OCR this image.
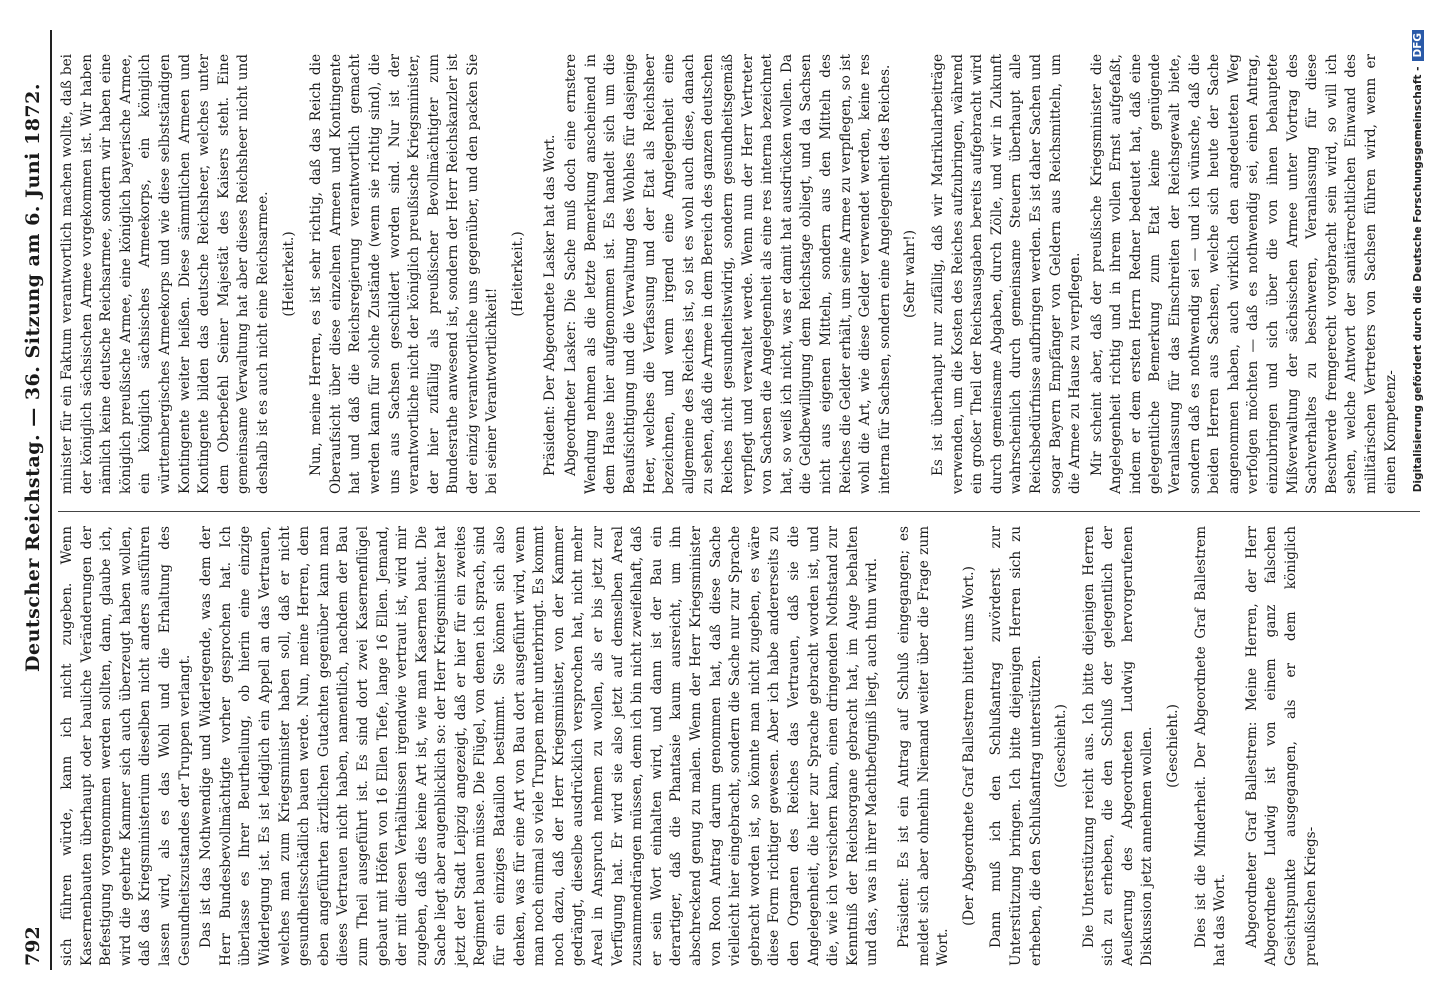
792
Deutscher Reichstag. — 36. Sitzung am 6. Juni 1872.

sich führen würde, kann ich nicht zugeben. Wenn Kasernenbauten überhaupt oder bauliche Veränderungen der Befestigung vorgenommen werden sollten, dann, glaube ich, wird die geehrte Kammer sich auch überzeugt haben wollen, daß das Kriegsministerium dieselben nicht anders ausführen lassen wird, als es das Wohl und die Erhaltung des Gesundheitszustandes der Truppen verlangt. Das ist das Nothwendige und Widerlegende, was dem der Herr Bundesbevollmächtigte vorher gesprochen hat. Ich überlasse es Ihrer Beurtheilung, ob hierin eine einzige Widerlegung ist. Es ist lediglich ein Appell an das Vertrauen, welches man zum Kriegsminister haben soll, daß er nicht gesundheitsschädlich bauen werde. Nun, meine Herren, dem eben angeführten ärztlichen Gutachten gegenüber kann man dieses Vertrauen nicht haben, namentlich, nachdem der Bau zum Theil ausgeführt ist. Es sind dort zwei Kasernenflügel gebaut mit Höfen von 16 Ellen Tiefe, lange 16 Ellen. Jemand, der mit diesen Verhältnissen irgendwie vertraut ist, wird mir zugeben, daß dies keine Art ist, wie man Kasernen baut. Die Sache liegt aber augenblicklich so: der Herr Kriegsminister hat jetzt der Stadt Leipzig angezeigt, daß er hier für ein zweites Regiment bauen müsse. Die Flügel, von denen ich sprach, sind für ein einziges Bataillon bestimmt. Sie können sich also denken, was für eine Art von Bau dort ausgeführt wird, wenn man noch einmal so viele Truppen mehr unterbringt. Es kommt noch dazu, daß der Herr Kriegsminister, von der Kammer gedrängt, dieselbe ausdrücklich versprochen hat, nicht mehr Areal in Anspruch nehmen zu wollen, als er bis jetzt zur Verfügung hat. Er wird sie also jetzt auf demselben Areal zusammendrängen müssen, denn ich bin nicht zweifelhaft, daß er sein Wort einhalten wird, und dann ist der Bau ein derartiger, daß die Phantasie kaum ausreicht, um ihn abschreckend genug zu malen. Wenn der Herr Kriegsminister von Roon Antrag darum genommen hat, daß diese Sache vielleicht hier eingebracht, sondern die Sache nur zur Sprache gebracht worden ist, so könnte man nicht zugeben, es wäre diese Form richtiger gewesen. Aber ich habe andererseits zu den Organen des Reiches das Vertrauen, daß sie die Angelegenheit, die hier zur Sprache gebracht worden ist, und die, wie ich versichern kann, einen dringenden Nothstand zur Kenntniß der Reichsorgane gebracht hat, im Auge behalten und das, was in ihrer Machtbefugniß liegt, auch thun wird. Präsident: Es ist ein Antrag auf Schluß eingegangen; es meldet sich aber ohnehin Niemand weiter über die Frage zum Wort.

(Der Abgeordnete Graf Ballestrem bittet ums Wort.) Dann muß ich den Schlußantrag zuvörderst zur Unterstützung bringen. Ich bitte diejenigen Herren sich zu erheben, die den Schlußantrag unterstützen. (Geschieht.) Die Unterstützung reicht aus. Ich bitte diejenigen Herren sich zu erheben, die den Schluß der gelegentlich der Aeußerung des Abgeordneten Ludwig hervorgerufenen Diskussion jetzt annehmen wollen. (Geschieht.) Dies ist die Minderheit. Der Abgeordnete Graf Ballestrem hat das Wort. Abgeordneter Graf Ballestrem: Meine Herren, der Herr Abgeordnete Ludwig ist von einem ganz falschen Gesichtspunkte ausgegangen, als er dem königlich preußischen Kriegs-

minister für ein Faktum verantwortlich machen wollte, daß bei der königlich sächsischen Armee vorgekommen ist. Wir haben nämlich keine deutsche Reichsarmee, sondern wir haben eine königlich preußische Armee, eine königlich bayerische Armee, ein königlich sächsisches Armeekorps, ein königlich württembergisches Armeekorps und wie diese selbstständigen Kontingente weiter heißen. Diese sämmtlichen Armeen und Kontingente bilden das deutsche Reichsheer, welches unter dem Oberbefehl Seiner Majestät des Kaisers steht. Eine gemeinsame Verwaltung hat aber dieses Reichsheer nicht und deshalb ist es auch nicht eine Reichsarmee. (Heiterkeit.) Nun, meine Herren, es ist sehr richtig, daß das Reich die Oberaufsicht über diese einzelnen Armeen und Kontingente hat und daß die Reichsregierung verantwortlich gemacht werden kann für solche Zustände (wenn sie richtig sind), die uns aus Sachsen geschildert worden sind. Nur ist der verantwortliche nicht der königlich preußische Kriegsminister, der hier zufällig als preußischer Bevollmächtigter zum Bundesrathe anwesend ist, sondern der Herr Reichskanzler ist der einzig verantwortliche uns gegenüber, und den packen Sie bei seiner Verantwortlichkeit!

(Heiterkeit.) Präsident: Der Abgeordnete Lasker hat das Wort. Abgeordneter Lasker: Die Sache muß doch eine ernstere Wendung nehmen als die letzte Bemerkung anscheinend in dem Hause hier aufgenommen ist. Es handelt sich um die Beaufsichtigung und die Verwaltung des Wohles für dasjenige Heer, welches die Verfassung und der Etat als Reichsheer bezeichnen, und wenn irgend eine Angelegenheit eine allgemeine des Reiches ist, so ist es wohl auch diese, danach zu sehen, daß die Armee in dem Bereich des ganzen deutschen Reiches nicht gesundheitswidrig, sondern gesundheitsgemäß verpflegt und verwaltet werde. Wenn nun der Herr Vertreter von Sachsen die Angelegenheit als eine res interna bezeichnet hat, so weiß ich nicht, was er damit hat ausdrücken wollen. Da die Geldbewilligung dem Reichstage obliegt, und da Sachsen nicht aus eigenen Mitteln, sondern aus den Mitteln des Reiches die Gelder erhält, um seine Armee zu verpflegen, so ist wohl die Art, wie diese Gelder verwendet werden, keine res interna für Sachsen, sondern eine Angelegenheit des Reiches. (Sehr wahr!) Es ist überhaupt nur zufällig, daß wir Matrikularbeiträge verwenden, um die Kosten des Reiches aufzubringen, während ein großer Theil der Reichsausgaben bereits aufgebracht wird durch gemeinsame Abgaben, durch Zölle, und wir in Zukunft wahrscheinlich durch gemeinsame Steuern überhaupt alle Reichsbedürfnisse aufbringen werden. Es ist daher Sachen und sogar Bayern Empfänger von Geldern aus Reichsmitteln, um die Armee zu Hause zu verpflegen. Mir scheint aber, daß der preußische Kriegsminister die Angelegenheit richtig und in ihrem vollen Ernst aufgefaßt, indem er dem ersten Herrn Redner bedeutet hat, daß eine gelegentliche Bemerkung zum Etat keine genügende Veranlassung für das Einschreiten der Reichsgewalt biete, sondern daß es nothwendig sei — und ich wünsche, daß die beiden Herren aus Sachsen, welche sich heute der Sache angenommen haben, auch wirklich den angedeuteten Weg verfolgen möchten — daß es nothwendig sei, einen Antrag, einzubringen und sich über die von ihnen behauptete Mißverwaltung der sächsischen Armee unter Vortrag des Sachverhaltes zu beschweren, Veranlassung für diese Beschwerde fremgerecht vorgebracht sein wird, so will ich sehen, welche Antwort der sanitärrechtlichen Einwand des militärischen Vertreters von Sachsen führen wird, wenn er einen Kompetenz- Digitalisierung gefördert durch die Deutsche Forschungsgemeinschaft -DFG
